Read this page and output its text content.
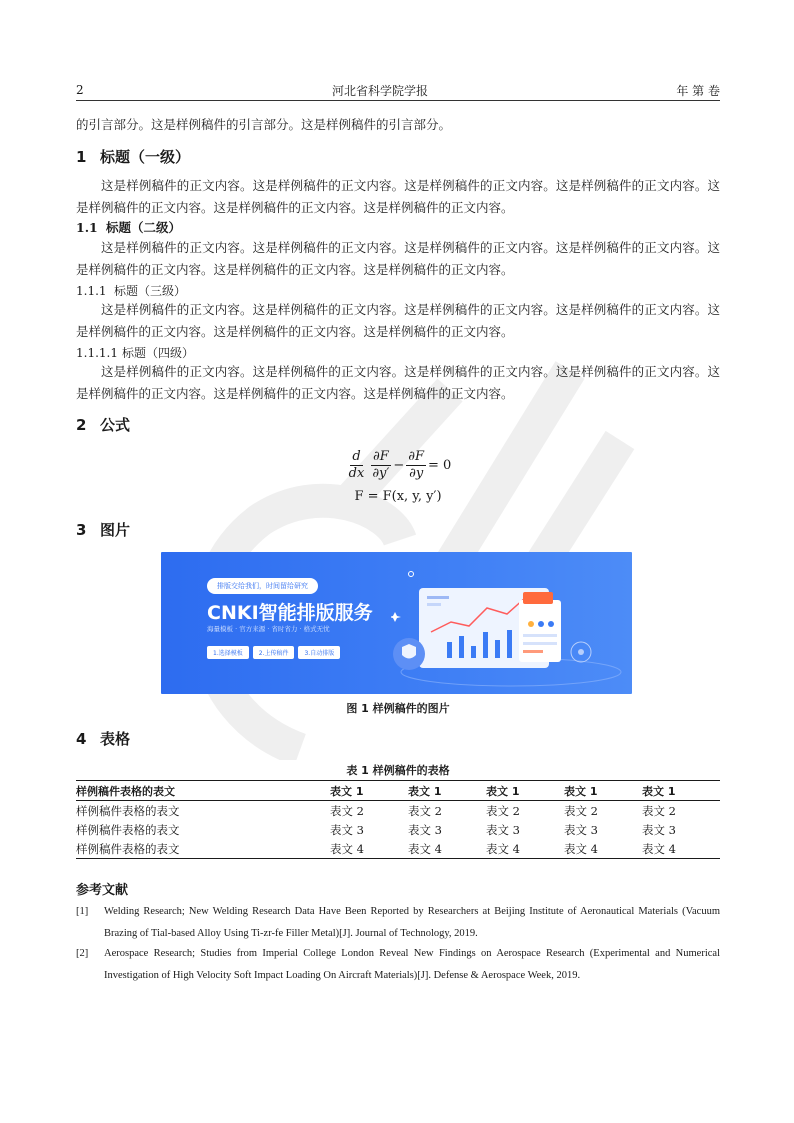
2	河北省科学院学报	年 第 卷

的引言部分。这是样例稿件的引言部分。这是样例稿件的引言部分。

1 标题（一级）

这是样例稿件的正文内容。这是样例稿件的正文内容。这是样例稿件的正文内容。这是样例稿件的正文内容。这是样例稿件的正文内容。这是样例稿件的正文内容。这是样例稿件的正文内容。

1.1 标题（二级）

这是样例稿件的正文内容。这是样例稿件的正文内容。这是样例稿件的正文内容。这是样例稿件的正文内容。这是样例稿件的正文内容。这是样例稿件的正文内容。这是样例稿件的正文内容。

1.1.1 标题（三级）

这是样例稿件的正文内容。这是样例稿件的正文内容。这是样例稿件的正文内容。这是样例稿件的正文内容。这是样例稿件的正文内容。这是样例稿件的正文内容。这是样例稿件的正文内容。

1.1.1.1 标题（四级）

这是样例稿件的正文内容。这是样例稿件的正文内容。这是样例稿件的正文内容。这是样例稿件的正文内容。这是样例稿件的正文内容。这是样例稿件的正文内容。这是样例稿件的正文内容。

2 公式
$\frac{d}{dx} \frac{\partial F}{\partial y'} - \frac{\partial F}{\partial y} = 0$
F = F(x, y, y′)
3 图片
排版交给我们，时间留给研究
CNKI智能排版服务
海量模板 · 官方来源 · 省时省力 · 格式无忧
1.选择模板	2.上传稿件	3.自动排版
图 1 样例稿件的图片
4 表格
表 1 样例稿件的表格
样例稿件表格的表文	表文 1	表文 1	表文 1	表文 1	表文 1
样例稿件表格的表文	表文 2	表文 2	表文 2	表文 2	表文 2
样例稿件表格的表文	表文 3	表文 3	表文 3	表文 3	表文 3
样例稿件表格的表文	表文 4	表文 4	表文 4	表文 4	表文 4
参考文献
[1] Welding Research; New Welding Research Data Have Been Reported by Researchers at Beijing Institute of Aeronautical Materials (Vacuum Brazing of Tial-based Alloy Using Ti-zr-fe Filler Metal)[J]. Journal of Technology, 2019.
[2] Aerospace Research; Studies from Imperial College London Reveal New Findings on Aerospace Research (Experimental and Numerical Investigation of High Velocity Soft Impact Loading On Aircraft Materials)[J]. Defense & Aerospace Week, 2019.
